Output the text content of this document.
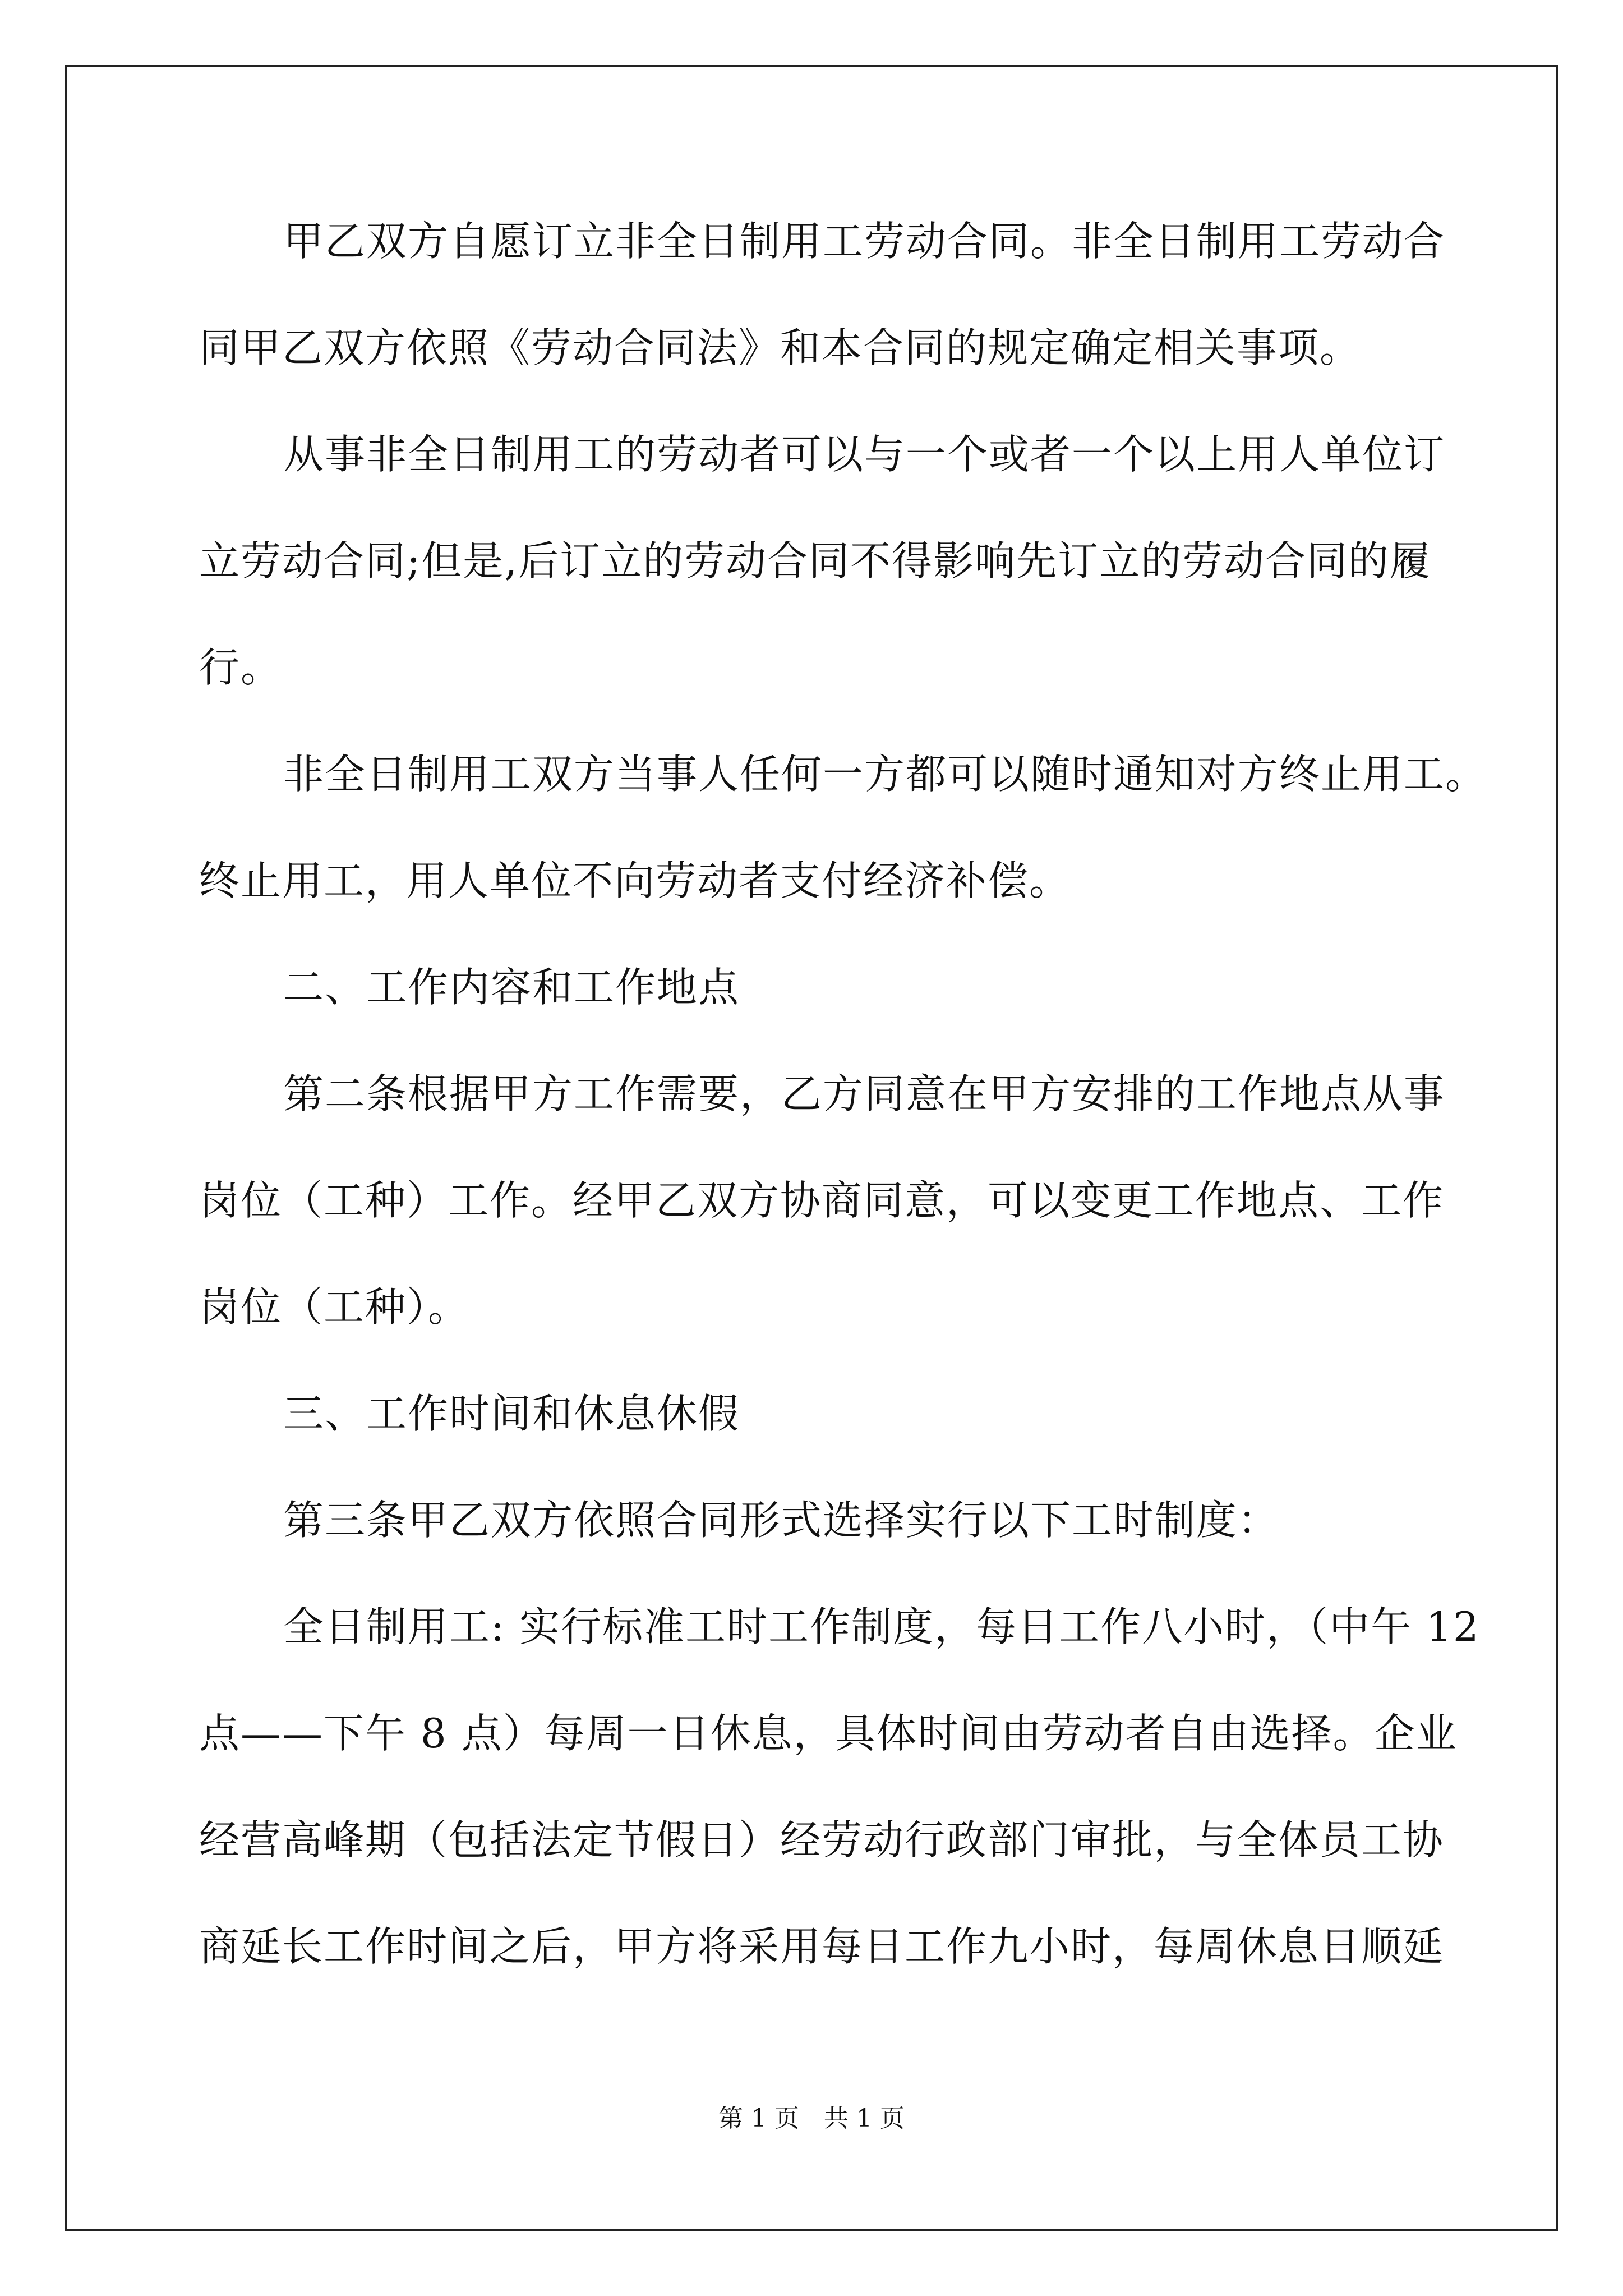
甲乙双方自愿订立非全日制用工劳动合同。非全日制用工劳动合
同甲乙双方依照《劳动合同法》和本合同的规定确定相关事项。
从事非全日制用工的劳动者可以与一个或者一个以上用人单位订
立劳动合同;但是,后订立的劳动合同不得影响先订立的劳动合同的履
行。
非全日制用工双方当事人任何一方都可以随时通知对方终止用工。
终止用工，用人单位不向劳动者支付经济补偿。
二、工作内容和工作地点
第二条根据甲方工作需要，乙方同意在甲方安排的工作地点从事
岗位（工种）工作。经甲乙双方协商同意，可以变更工作地点、工作
岗位（工种）。
三、工作时间和休息休假
第三条甲乙双方依照合同形式选择实行以下工时制度：
全日制用工: 实行标准工时工作制度，每日工作八小时，（中午 12
点——下午 8 点）每周一日休息，具体时间由劳动者自由选择。企业
经营高峰期（包括法定节假日）经劳动行政部门审批，与全体员工协
商延长工作时间之后，甲方将采用每日工作九小时，每周休息日顺延
第 1 页　共 1 页
